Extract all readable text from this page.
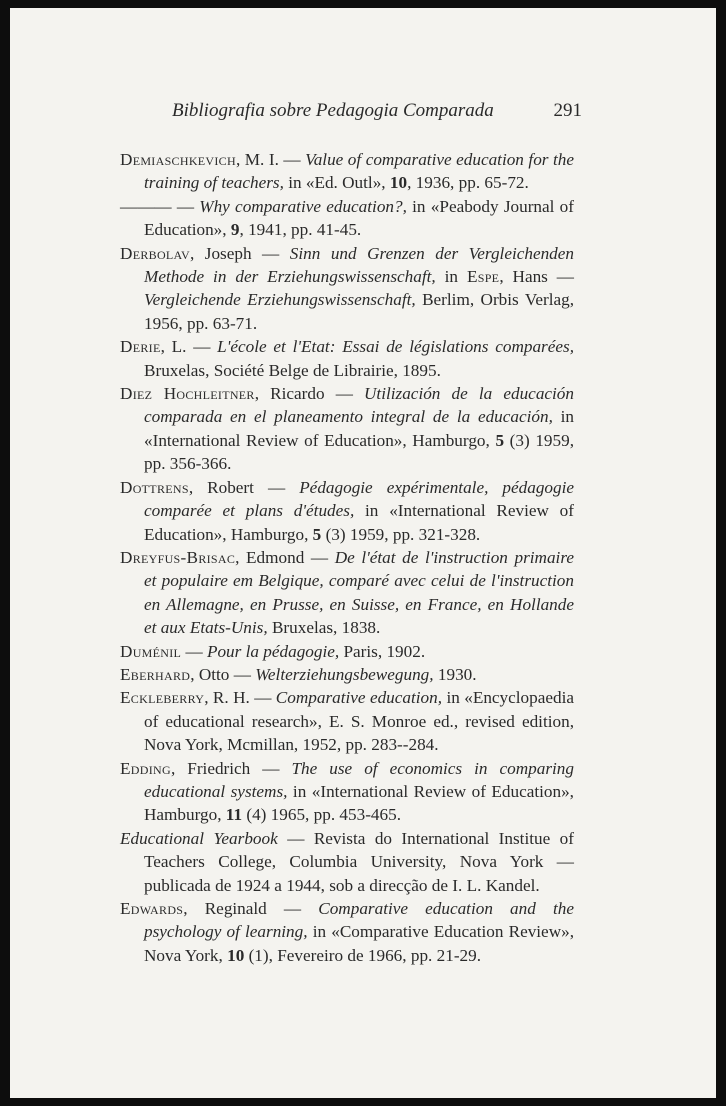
Bibliografia sobre Pedagogia Comparada	291
Demiaschkevich, M. I. — Value of comparative education for the training of teachers, in «Ed. Outl», 10, 1936, pp. 65-72.
——— — Why comparative education?, in «Peabody Journal of Education», 9, 1941, pp. 41-45.
Derbolav, Joseph — Sinn und Grenzen der Vergleichenden Methode in der Erziehungswissenschaft, in Espe, Hans — Vergleichende Erziehungswissenschaft, Berlim, Orbis Verlag, 1956, pp. 63-71.
Derie, L. — L'école et l'Etat: Essai de législations comparées, Bruxelas, Société Belge de Librairie, 1895.
Diez Hochleitner, Ricardo — Utilización de la educación comparada en el planeamento integral de la educación, in «International Review of Education», Hamburgo, 5 (3) 1959, pp. 356-366.
Dottrens, Robert — Pédagogie expérimentale, pédagogie comparée et plans d'études, in «International Review of Education», Hamburgo, 5 (3) 1959, pp. 321-328.
Dreyfus-Brisac, Edmond — De l'état de l'instruction primaire et populaire em Belgique, comparé avec celui de l'instruction en Allemagne, en Prusse, en Suisse, en France, en Hollande et aux Etats-Unis, Bruxelas, 1838.
Duménil — Pour la pédagogie, Paris, 1902.
Eberhard, Otto — Welterziehungsbewegung, 1930.
Eckleberry, R. H. — Comparative education, in «Encyclopaedia of educational research», E. S. Monroe ed., revised edition, Nova York, Mcmillan, 1952, pp. 283--284.
Edding, Friedrich — The use of economics in comparing educational systems, in «International Review of Education», Hamburgo, 11 (4) 1965, pp. 453-465.
Educational Yearbook — Revista do International Institue of Teachers College, Columbia University, Nova York — publicada de 1924 a 1944, sob a direcção de I. L. Kandel.
Edwards, Reginald — Comparative education and the psychology of learning, in «Comparative Education Review», Nova York, 10 (1), Fevereiro de 1966, pp. 21-29.
